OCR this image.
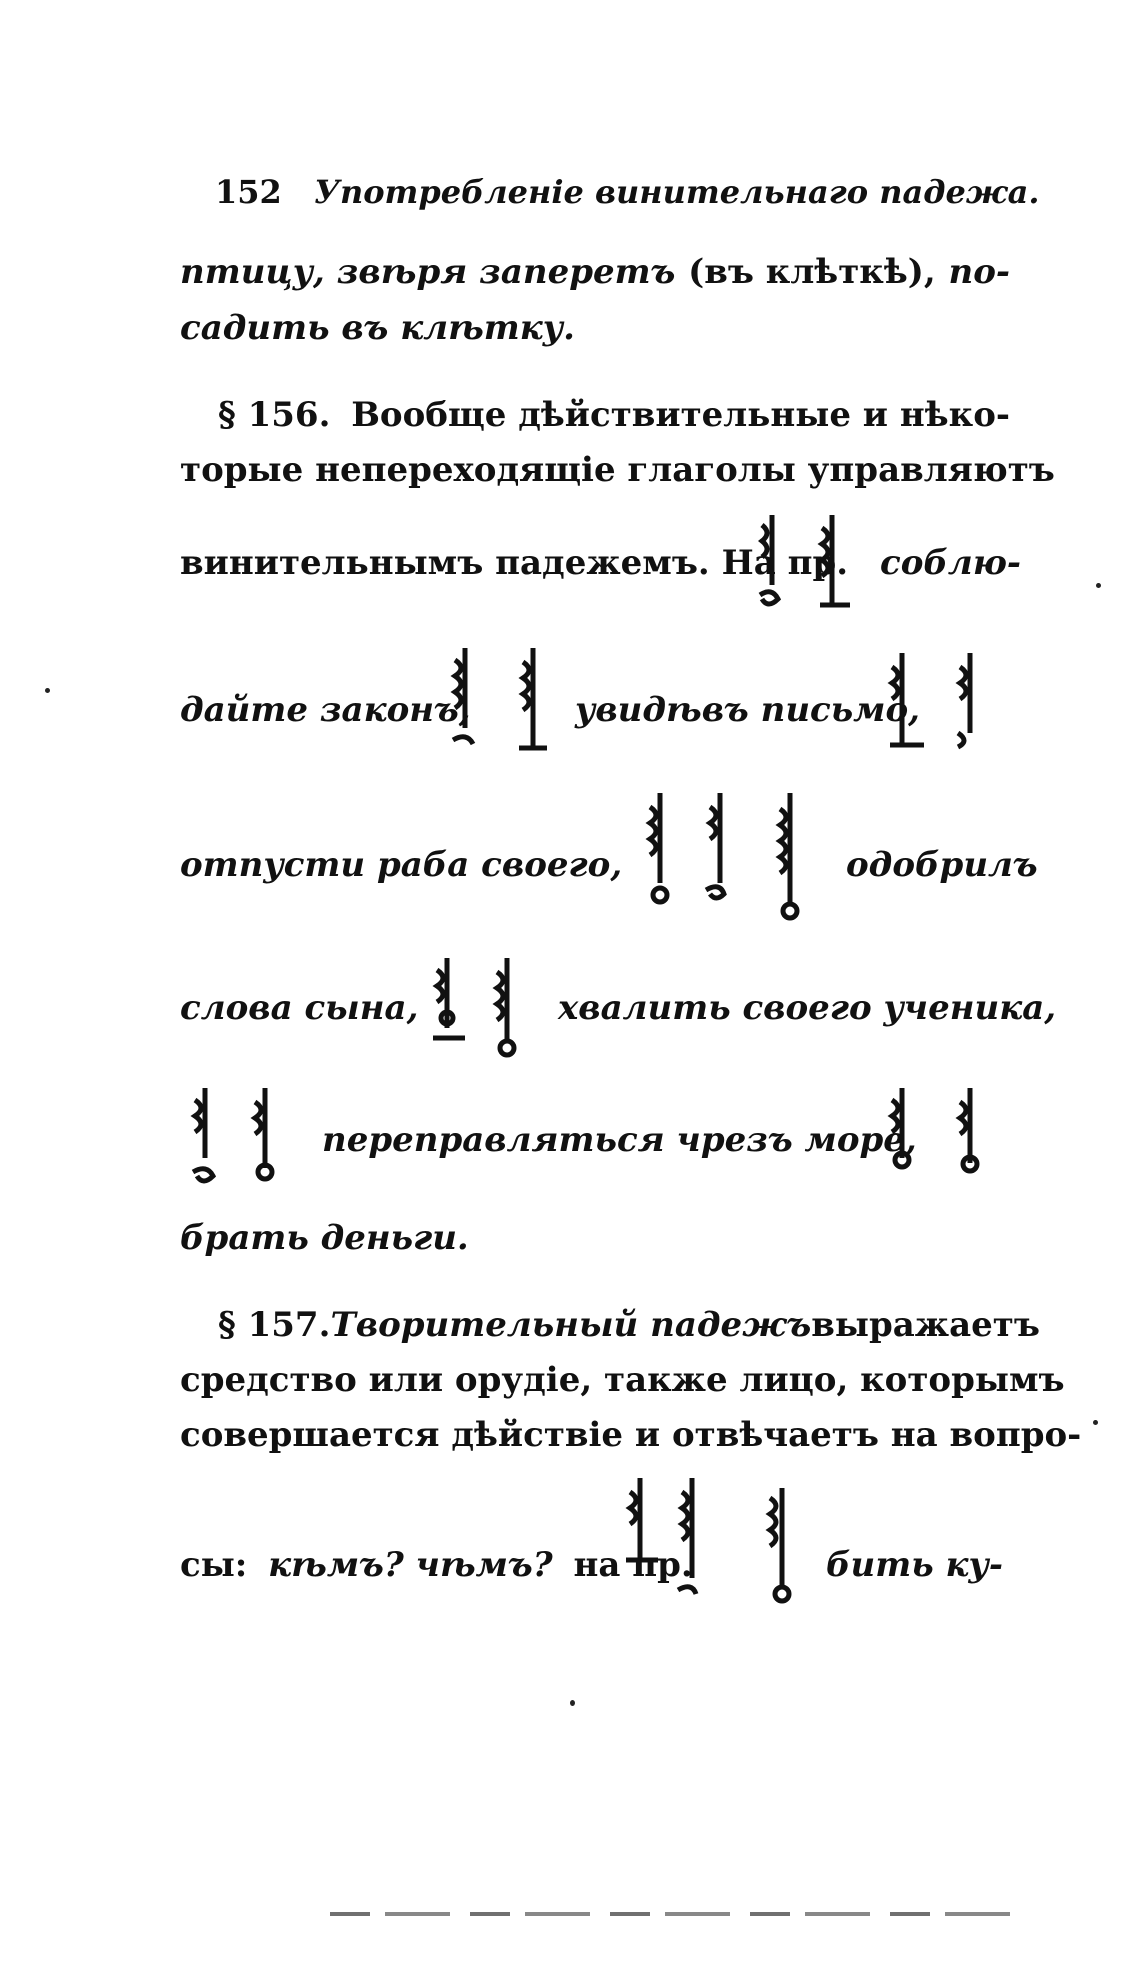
152 Употребленіе винительнаго падежа.
птицу, звѣря заперетъ (въ клѣткѣ), по-
садить въ клѣтку.
§ 156. Вообще дѣйствительные и нѣко-
торые непереходящіе глаголы управляютъ
винительнымъ падежемъ. На пр. соблю-
дайте законъ,	увидѣвъ письмо,
отпусти раба своего,	одобрилъ
слова сына,	хвалить своего ученика,
переправляться чрезъ море,
брать деньги.
§ 157. Творительный падежъ выражаетъ
средство или орудіе, также лицо, которымъ
совершается дѣйствіе и отвѣчаетъ на вопро-
сы: кѣмъ? чѣмъ? на пр.	бить ку-
